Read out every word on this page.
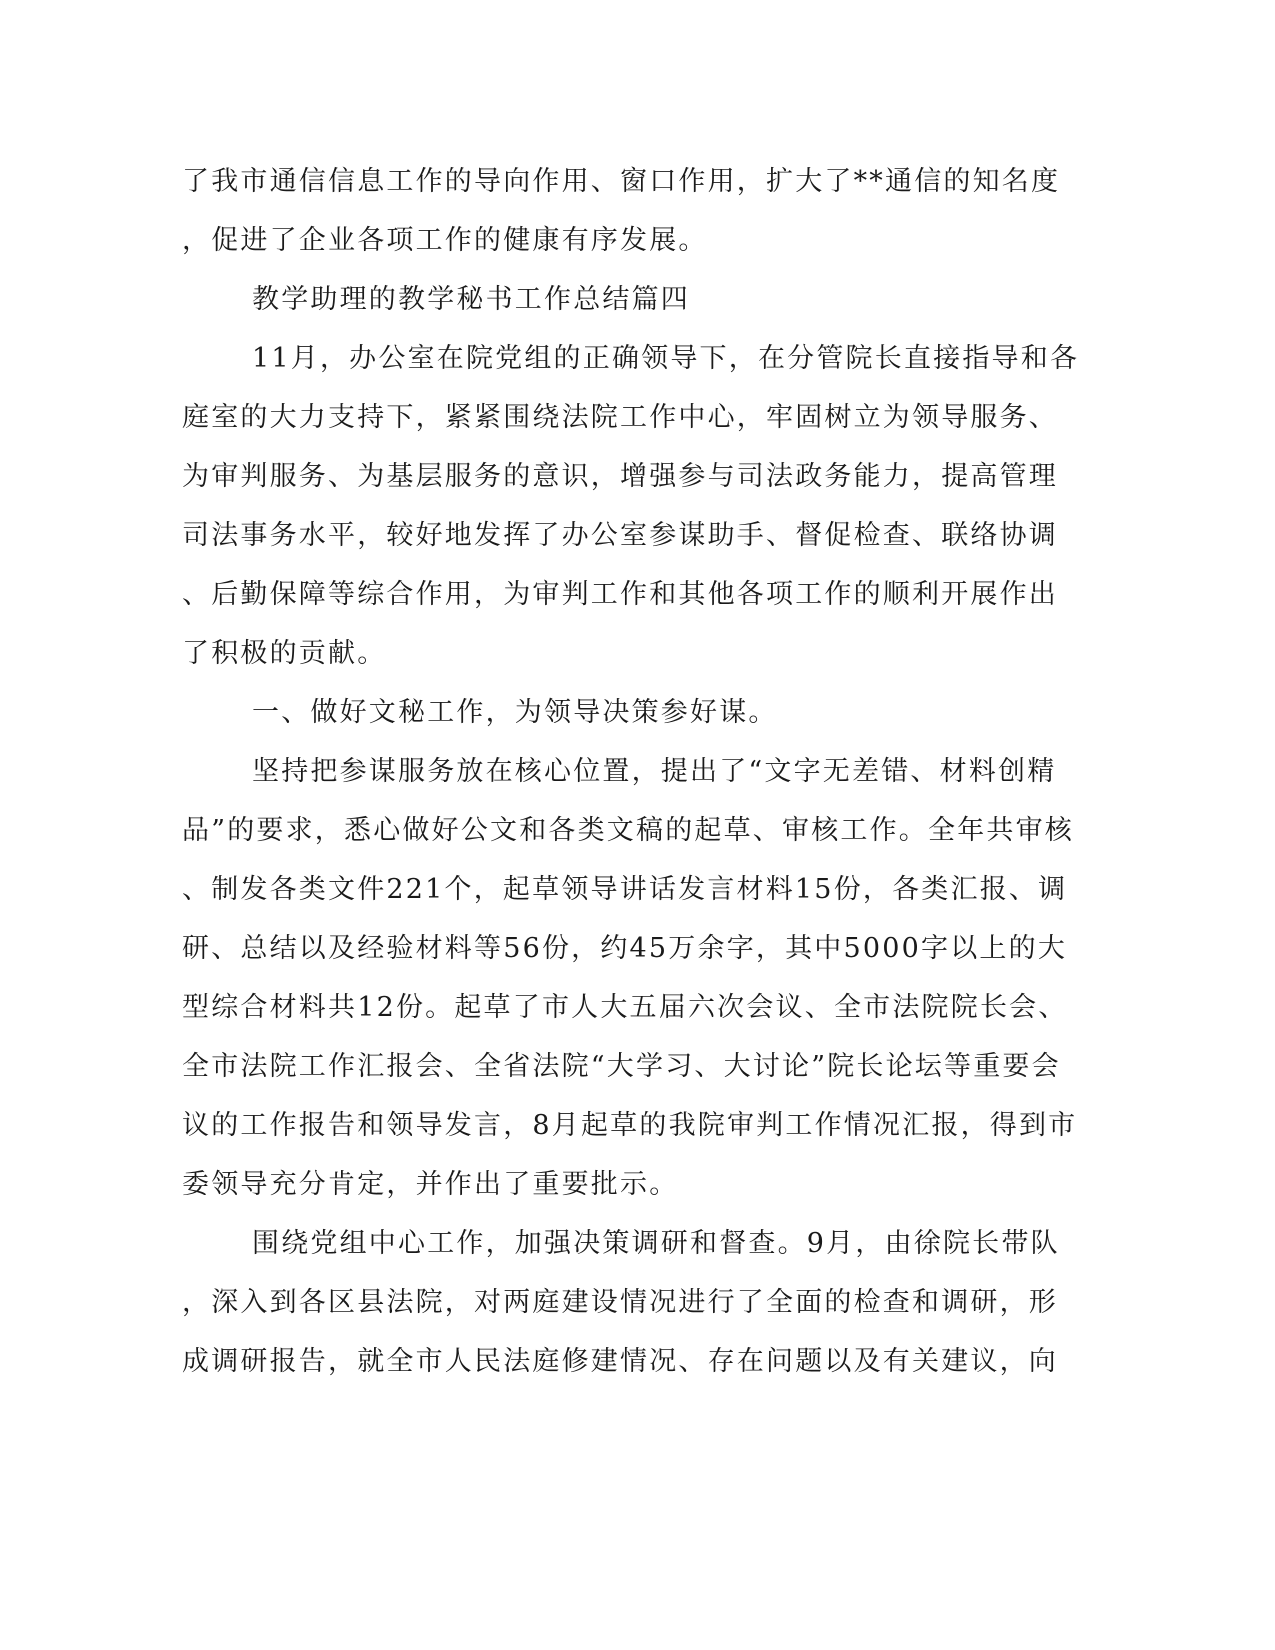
了我市通信信息工作的导向作用、窗口作用，扩大了**通信的知名度
，促进了企业各项工作的健康有序发展。
教学助理的教学秘书工作总结篇四
11月，办公室在院党组的正确领导下，在分管院长直接指导和各
庭室的大力支持下，紧紧围绕法院工作中心，牢固树立为领导服务、
为审判服务、为基层服务的意识，增强参与司法政务能力，提高管理
司法事务水平，较好地发挥了办公室参谋助手、督促检查、联络协调
、后勤保障等综合作用，为审判工作和其他各项工作的顺利开展作出
了积极的贡献。
一、做好文秘工作，为领导决策参好谋。
坚持把参谋服务放在核心位置，提出了“文字无差错、材料创精
品”的要求，悉心做好公文和各类文稿的起草、审核工作。全年共审核
、制发各类文件221个，起草领导讲话发言材料15份，各类汇报、调
研、总结以及经验材料等56份，约45万余字，其中5000字以上的大
型综合材料共12份。起草了市人大五届六次会议、全市法院院长会、
全市法院工作汇报会、全省法院“大学习、大讨论”院长论坛等重要会
议的工作报告和领导发言，8月起草的我院审判工作情况汇报，得到市
委领导充分肯定，并作出了重要批示。
围绕党组中心工作，加强决策调研和督查。9月，由徐院长带队
，深入到各区县法院，对两庭建设情况进行了全面的检查和调研，形
成调研报告，就全市人民法庭修建情况、存在问题以及有关建议，向
